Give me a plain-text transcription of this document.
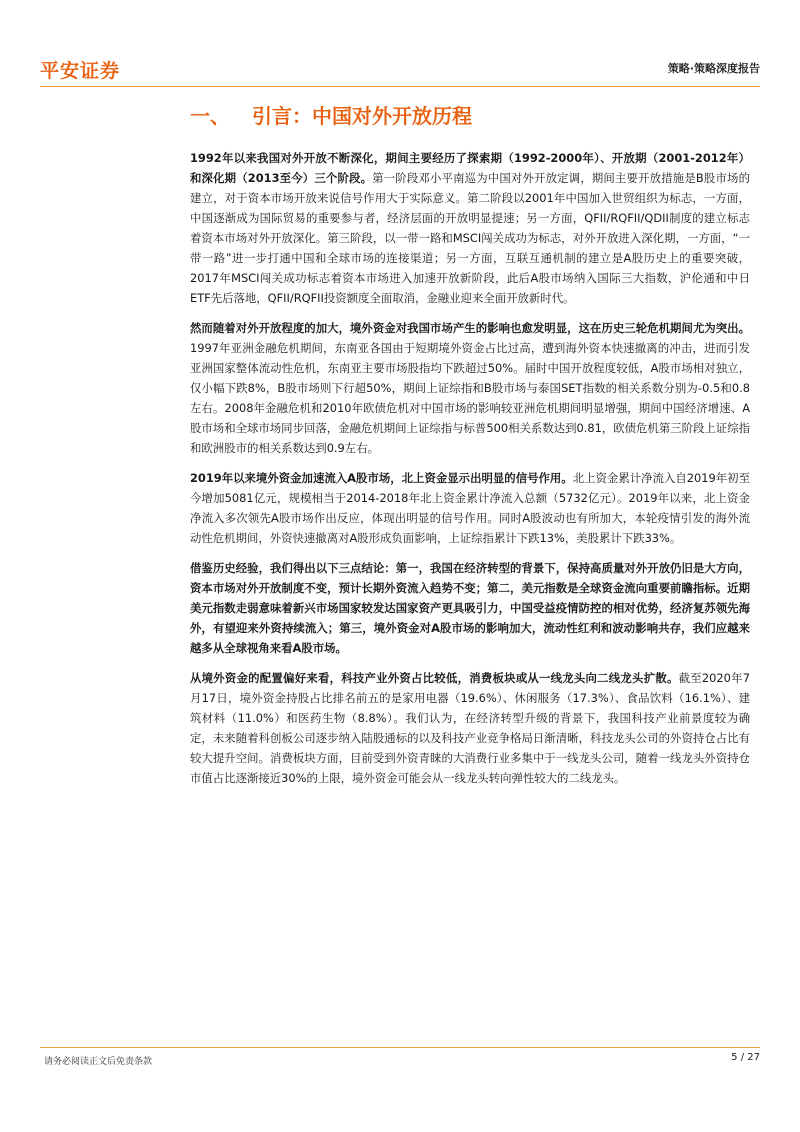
平安证券	策略·策略深度报告
一、 引言：中国对外开放历程

1992年以来我国对外开放不断深化，期间主要经历了探索期（1992-2000年）、开放期（2001-2012年）和深化期（2013至今）三个阶段。第一阶段邓小平南巡为中国对外开放定调，期间主要开放措施是B股市场的建立，对于资本市场开放来说信号作用大于实际意义。第二阶段以2001年中国加入世贸组织为标志，一方面，中国逐渐成为国际贸易的重要参与者，经济层面的开放明显提速；另一方面，QFII/RQFII/QDII制度的建立标志着资本市场对外开放深化。第三阶段，以一带一路和MSCI闯关成功为标志，对外开放进入深化期，一方面，“一带一路”进一步打通中国和全球市场的连接渠道；另一方面，互联互通机制的建立是A股历史上的重要突破，2017年MSCI闯关成功标志着资本市场进入加速开放新阶段，此后A股市场纳入国际三大指数，沪伦通和中日ETF先后落地，QFII/RQFII投资额度全面取消，金融业迎来全面开放新时代。

然而随着对外开放程度的加大，境外资金对我国市场产生的影响也愈发明显，这在历史三轮危机期间尤为突出。1997年亚洲金融危机期间，东南亚各国由于短期境外资金占比过高，遭到海外资本快速撤离的冲击，进而引发亚洲国家整体流动性危机，东南亚主要市场股指均下跌超过50%。届时中国开放程度较低，A股市场相对独立，仅小幅下跌8%，B股市场则下行超50%，期间上证综指和B股市场与泰国SET指数的相关系数分别为-0.5和0.8左右。2008年金融危机和2010年欧债危机对中国市场的影响较亚洲危机期间明显增强，期间中国经济增速、A股市场和全球市场同步回落，金融危机期间上证综指与标普500相关系数达到0.81，欧债危机第三阶段上证综指和欧洲股市的相关系数达到0.9左右。

2019年以来境外资金加速流入A股市场，北上资金显示出明显的信号作用。北上资金累计净流入自2019年初至今增加5081亿元，规模相当于2014-2018年北上资金累计净流入总额（5732亿元）。2019年以来，北上资金净流入多次领先A股市场作出反应，体现出明显的信号作用。同时A股波动也有所加大，本轮疫情引发的海外流动性危机期间，外资快速撤离对A股形成负面影响，上证综指累计下跌13%，美股累计下跌33%。

借鉴历史经验，我们得出以下三点结论：第一，我国在经济转型的背景下，保持高质量对外开放仍旧是大方向，资本市场对外开放制度不变，预计长期外资流入趋势不变；第二，美元指数是全球资金流向重要前瞻指标。近期美元指数走弱意味着新兴市场国家较发达国家资产更具吸引力，中国受益疫情防控的相对优势，经济复苏领先海外，有望迎来外资持续流入；第三，境外资金对A股市场的影响加大，流动性红利和波动影响共存，我们应越来越多从全球视角来看A股市场。

从境外资金的配置偏好来看，科技产业外资占比较低，消费板块或从一线龙头向二线龙头扩散。截至2020年7月17日，境外资金持股占比排名前五的是家用电器（19.6%）、休闲服务（17.3%）、食品饮料（16.1%）、建筑材料（11.0%）和医药生物（8.8%）。我们认为，在经济转型升级的背景下，我国科技产业前景度较为确定，未来随着科创板公司逐步纳入陆股通标的以及科技产业竞争格局日渐清晰，科技龙头公司的外资持仓占比有较大提升空间。消费板块方面，目前受到外资青睐的大消费行业多集中于一线龙头公司，随着一线龙头外资持仓市值占比逐渐接近30%的上限，境外资金可能会从一线龙头转向弹性较大的二线龙头。

请务必阅读正文后免责条款	5 / 27
